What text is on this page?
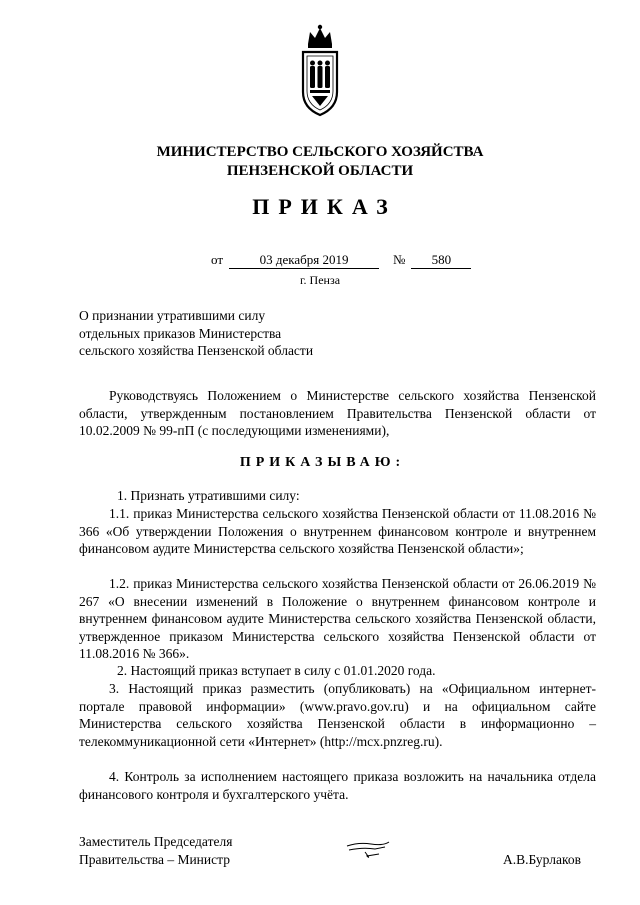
МИНИСТЕРСТВО СЕЛЬСКОГО ХОЗЯЙСТВА
ПЕНЗЕНСКОЙ ОБЛАСТИ
ПРИКАЗ
от	03 декабря 2019	№ 580
г. Пенза
О признании утратившими силу отдельных приказов Министерства сельского хозяйства Пензенской области
Руководствуясь Положением о Министерстве сельского хозяйства Пензенской области, утвержденным постановлением Правительства Пензенской области от 10.02.2009 № 99-пП (с последующими изменениями),
ПРИКАЗЫВАЮ:
1. Признать утратившими силу:
1.1. приказ Министерства сельского хозяйства Пензенской области от 11.08.2016 № 366 «Об утверждении Положения о внутреннем финансовом контроле и внутреннем финансовом аудите Министерства сельского хозяйства Пензенской области»;
1.2. приказ Министерства сельского хозяйства Пензенской области от 26.06.2019 № 267 «О внесении изменений в Положение о внутреннем финансовом контроле и внутреннем финансовом аудите Министерства сельского хозяйства Пензенской области, утвержденное приказом Министерства сельского хозяйства Пензенской области от 11.08.2016 № 366».
2. Настоящий приказ вступает в силу с 01.01.2020 года.
3. Настоящий приказ разместить (опубликовать) на «Официальном интернет-портале правовой информации» (www.pravo.gov.ru) и на официальном сайте Министерства сельского хозяйства Пензенской области в информационно – телекоммуникационной сети «Интернет» (http://mcx.pnzreg.ru).
4. Контроль за исполнением настоящего приказа возложить на начальника отдела финансового контроля и бухгалтерского учёта.
Заместитель Председателя
Правительства – Министр	А.В.Бурлаков
